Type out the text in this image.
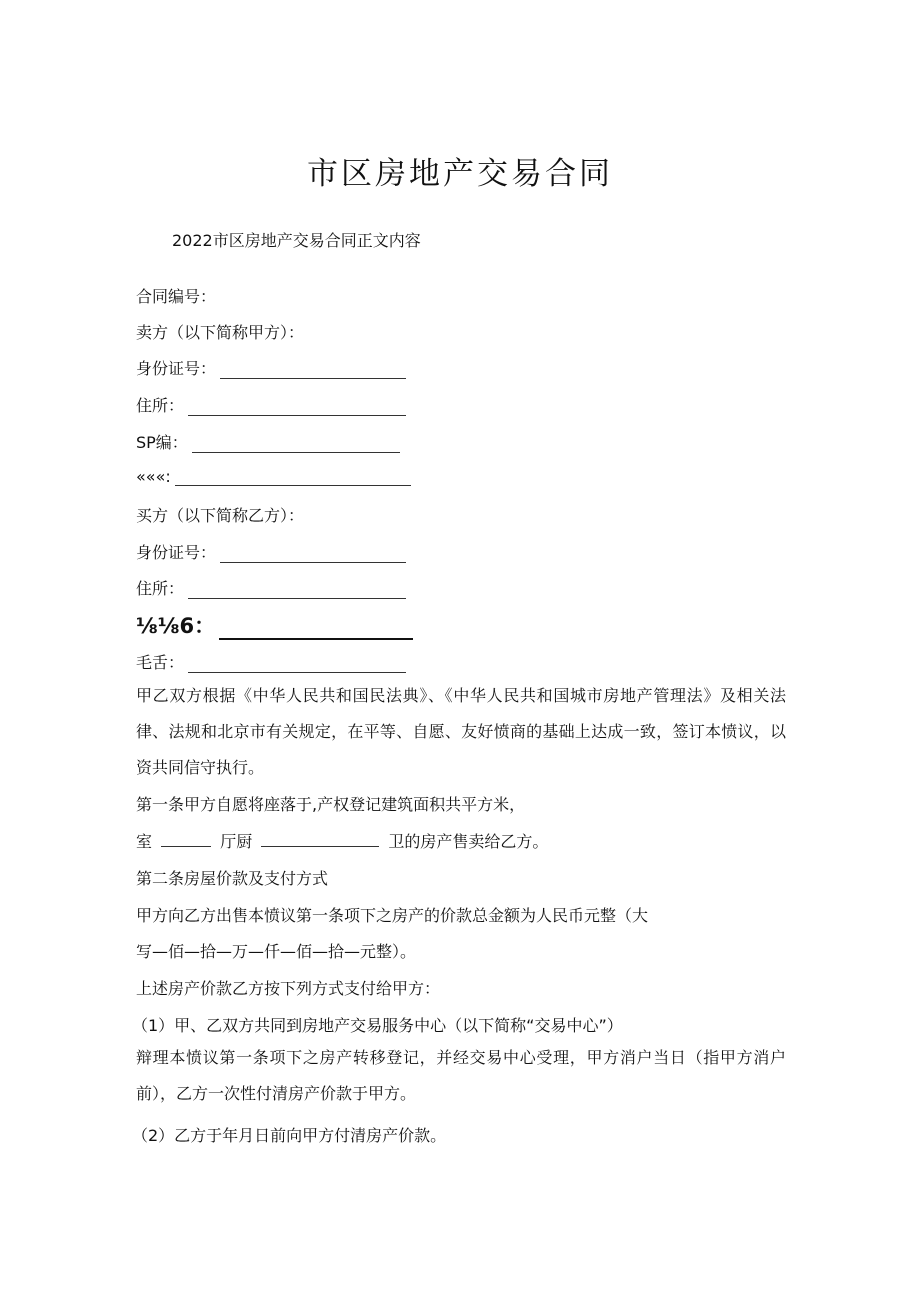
市区房地产交易合同
2022市区房地产交易合同正文内容
合同编号：
卖方（以下简称甲方）：
身份证号：
住所：
SP编：
«««:
买方（以下简称乙方）：
身份证号：
住所：
⅛⅛6：
毛舌：
甲乙双方根据《中华人民共和国民法典》、《中华人民共和国城市房地产管理法》及相关法律、法规和北京市有关规定，在平等、自愿、友好愤商的基础上达成一致，签订本愤议，以资共同信守执行。
第一条甲方自愿将座落于,产权登记建筑面积共平方米，
室	厅厨	卫的房产售卖给乙方。
第二条房屋价款及支付方式
甲方向乙方出售本愤议第一条项下之房产的价款总金额为人民币元整（大
写—佰—拾—万—仟—佰—拾—元整）。
上述房产价款乙方按下列方式支付给甲方：
（1）甲、乙双方共同到房地产交易服务中心（以下简称“交易中心”）
辩理本愤议第一条项下之房产转移登记，并经交易中心受理，甲方消户当日（指甲方消户前），乙方一次性付清房产价款于甲方。
（2）乙方于年月日前向甲方付清房产价款。
